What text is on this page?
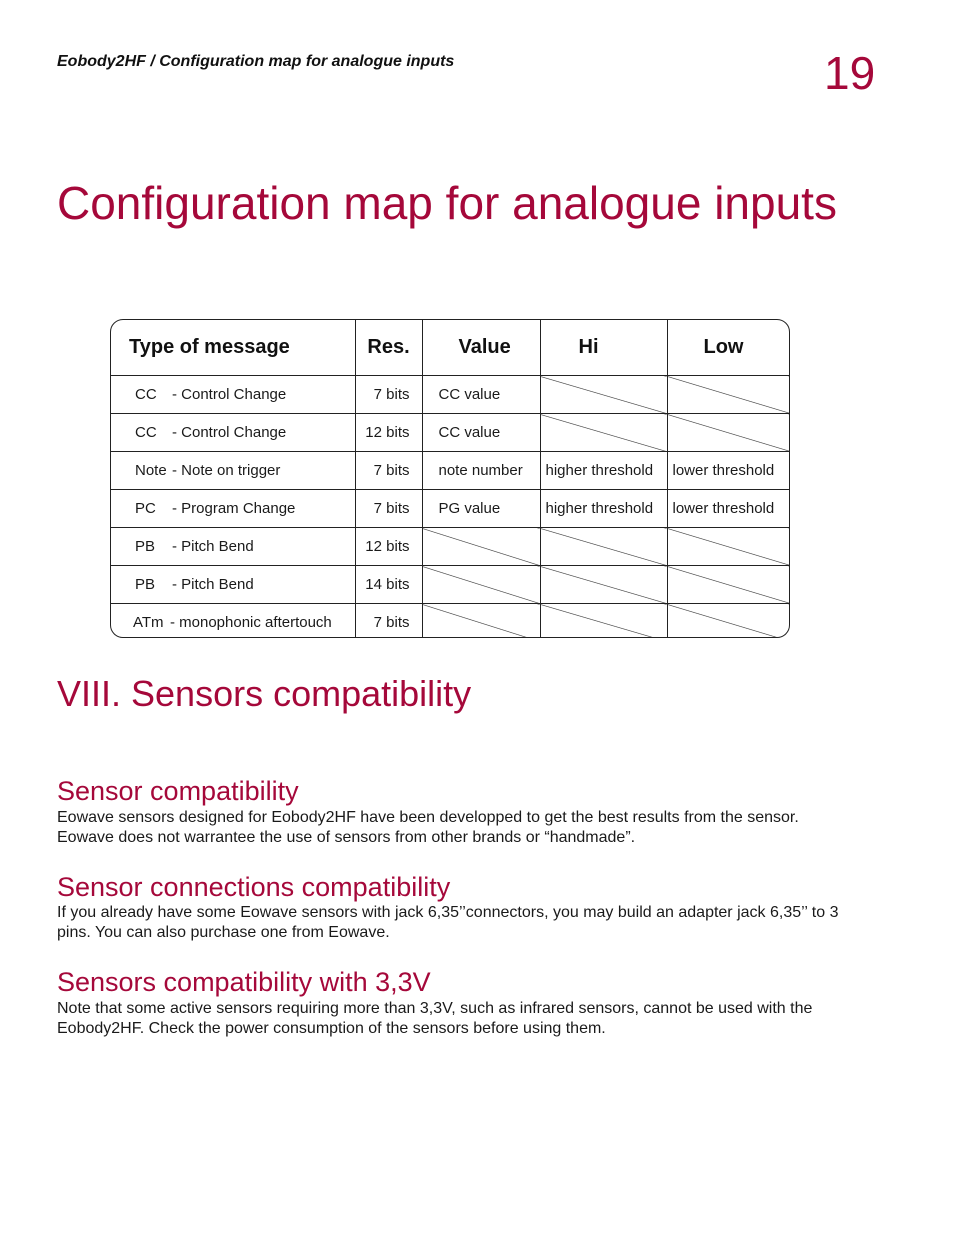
Eobody2HF / Configuration map for analogue inputs	19
Configuration map for analogue inputs
Type of message	Res.	Value	Hi	Low
CC - Control Change	7 bits	CC value		
CC - Control Change	12 bits	CC value		
Note - Note on trigger	7 bits	note number	higher threshold	lower threshold
PC - Program Change	7 bits	PG value	higher threshold	lower threshold
PB - Pitch Bend	12 bits			
PB - Pitch Bend	14 bits			
ATm - monophonic aftertouch	7 bits			
VIII. Sensors compatibility
Sensor compatibility

Eowave sensors designed for Eobody2HF have been developped to get the best results from the sensor.
Eowave does not warrantee the use of sensors from other brands or “handmade”.

Sensor connections compatibility

If you already have some Eowave sensors with jack 6,35’’connectors, you may build an adapter jack 6,35’’ to 3
pins. You can also purchase one from Eowave.

Sensors compatibility with 3,3V

Note that some active sensors requiring more than 3,3V, such as infrared sensors, cannot be used with the
Eobody2HF. Check the power consumption of the sensors before using them.
